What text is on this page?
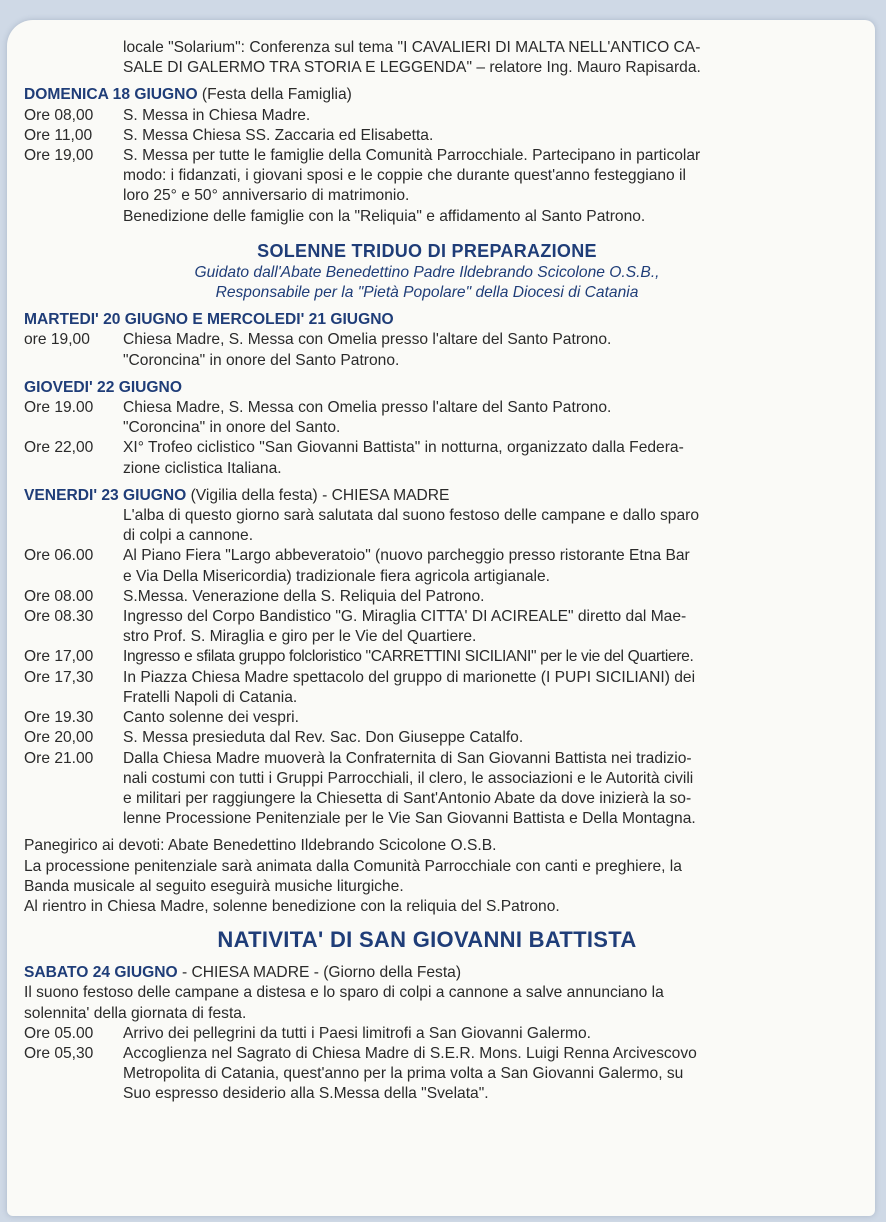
locale "Solarium": Conferenza sul tema "I CAVALIERI DI MALTA NELL'ANTICO CA-
SALE DI GALERMO TRA STORIA E LEGGENDA" – relatore Ing. Mauro Rapisarda.
DOMENICA 18 GIUGNO (Festa della Famiglia)
Ore 08,00	S. Messa in Chiesa Madre.
Ore 11,00	S. Messa Chiesa SS. Zaccaria ed Elisabetta.
Ore 19,00	S. Messa per tutte le famiglie della Comunità Parrocchiale. Partecipano in particolar
modo: i fidanzati, i giovani sposi e le coppie che durante quest'anno festeggiano il
loro 25° e 50° anniversario di matrimonio.
Benedizione delle famiglie con la "Reliquia" e affidamento al Santo Patrono.
SOLENNE TRIDUO DI PREPARAZIONE
Guidato dall'Abate Benedettino Padre Ildebrando Scicolone O.S.B.,
Responsabile per la "Pietà Popolare" della Diocesi di Catania
MARTEDI' 20 GIUGNO E MERCOLEDI' 21 GIUGNO
ore 19,00	Chiesa Madre, S. Messa con Omelia presso l'altare del Santo Patrono.
"Coroncina" in onore del Santo Patrono.
GIOVEDI' 22 GIUGNO
Ore 19.00	Chiesa Madre, S. Messa con Omelia presso l'altare del Santo Patrono.
"Coroncina" in onore del Santo.
Ore 22,00	XI° Trofeo ciclistico "San Giovanni Battista" in notturna, organizzato dalla Federa-
zione ciclistica Italiana.
VENERDI' 23 GIUGNO (Vigilia della festa) - CHIESA MADRE
L'alba di questo giorno sarà salutata dal suono festoso delle campane e dallo sparo
di colpi a cannone.
Ore 06.00	Al Piano Fiera "Largo abbeveratoio" (nuovo parcheggio presso ristorante Etna Bar
e Via Della Misericordia) tradizionale fiera agricola artigianale.
Ore 08.00	S.Messa. Venerazione della S. Reliquia del Patrono.
Ore 08.30	Ingresso del Corpo Bandistico "G. Miraglia CITTA' DI ACIREALE" diretto dal Mae-
stro Prof. S. Miraglia e giro per le Vie del Quartiere.
Ore 17,00	Ingresso e sfilata gruppo folcloristico "CARRETTINI SICILIANI" per le vie del Quartiere.
Ore 17,30	In Piazza Chiesa Madre spettacolo del gruppo di marionette (I PUPI SICILIANI) dei
Fratelli Napoli di Catania.
Ore 19.30	Canto solenne dei vespri.
Ore 20,00	S. Messa presieduta dal Rev. Sac. Don Giuseppe Catalfo.
Ore 21.00	Dalla Chiesa Madre muoverà la Confraternita di San Giovanni Battista nei tradizio-
nali costumi con tutti i Gruppi Parrocchiali, il clero, le associazioni e le Autorità civili
e militari per raggiungere la Chiesetta di Sant'Antonio Abate da dove inizierà la so-
lenne Processione Penitenziale per le Vie San Giovanni Battista e Della Montagna.
Panegirico ai devoti: Abate Benedettino Ildebrando Scicolone O.S.B.
La processione penitenziale sarà animata dalla Comunità Parrocchiale con canti e preghiere, la
Banda musicale al seguito eseguirà musiche liturgiche.
Al rientro in Chiesa Madre, solenne benedizione con la reliquia del S.Patrono.
NATIVITA' DI SAN GIOVANNI BATTISTA
SABATO 24 GIUGNO - CHIESA MADRE - (Giorno della Festa)
Il suono festoso delle campane a distesa e lo sparo di colpi a cannone a salve annunciano la
solennita' della giornata di festa.
Ore 05.00	Arrivo dei pellegrini da tutti i Paesi limitrofi a San Giovanni Galermo.
Ore 05,30	Accoglienza nel Sagrato di Chiesa Madre di S.E.R. Mons. Luigi Renna Arcivescovo
Metropolita di Catania, quest'anno per la prima volta a San Giovanni Galermo, su
Suo espresso desiderio alla S.Messa della "Svelata".
